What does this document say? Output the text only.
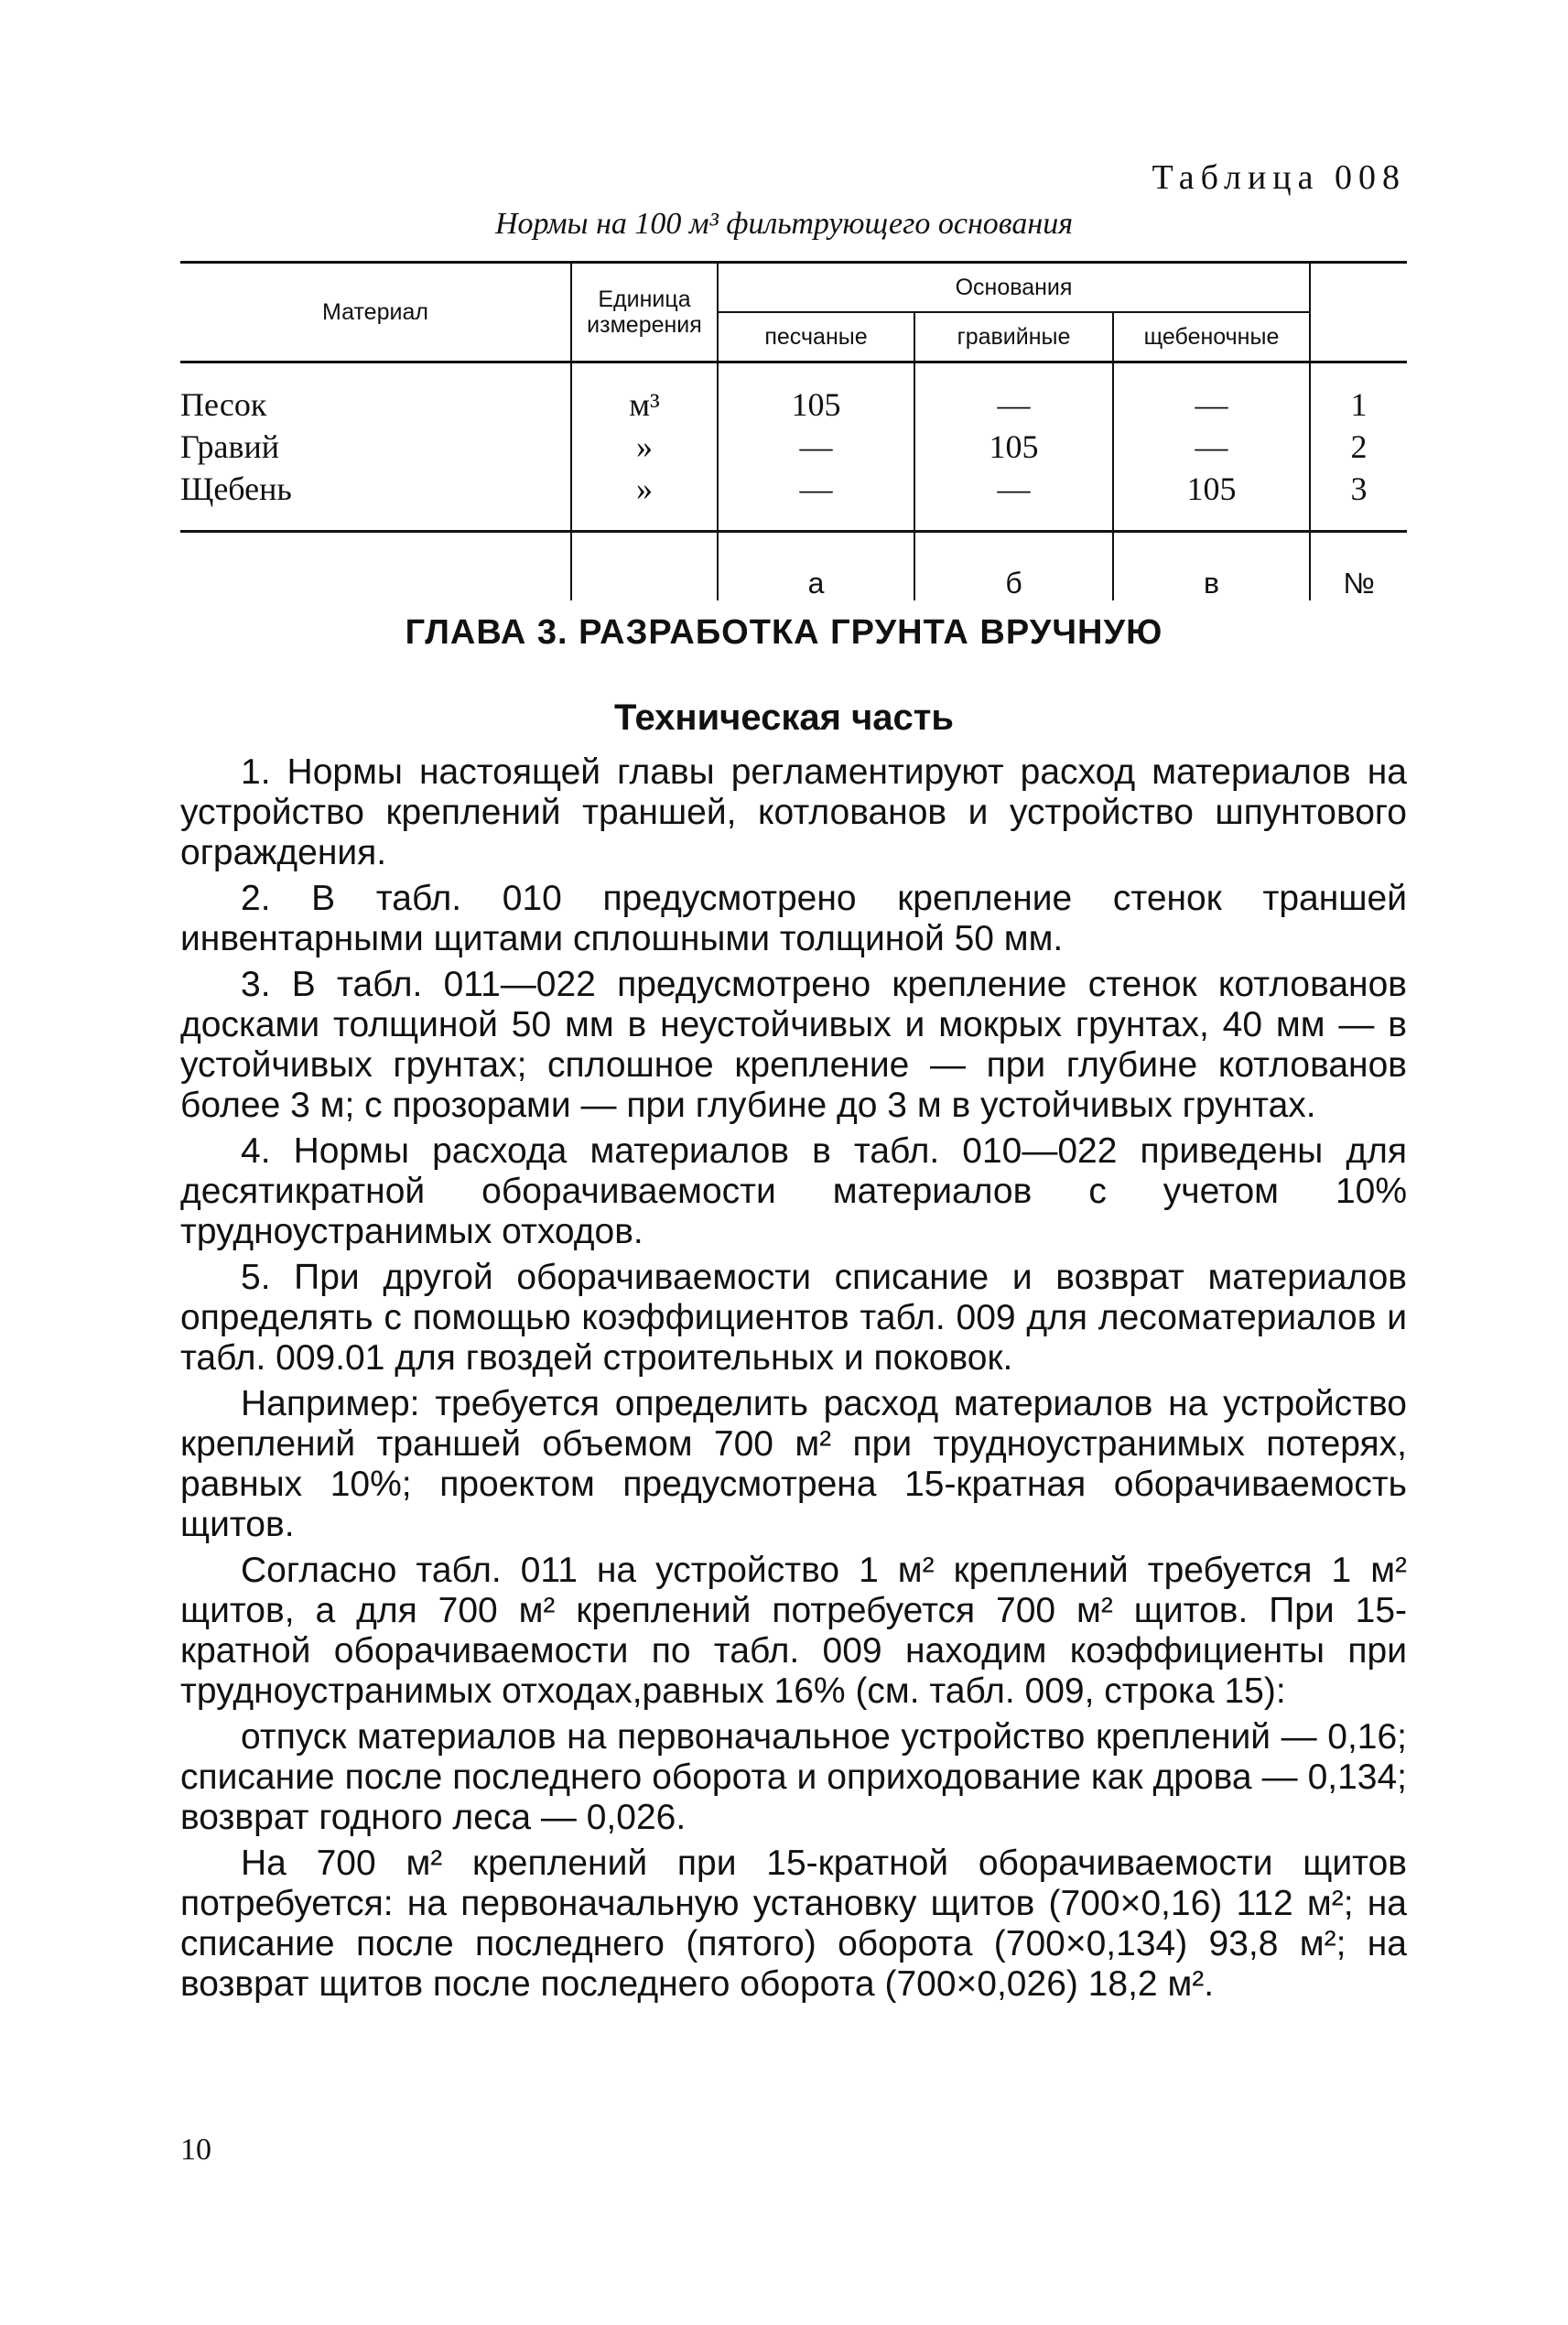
Таблица 008
Нормы на 100 м³ фильтрующего основания
Материал	Единица измерения	Основания			
		песчаные	гравийные	щебеночные	

Песок	м³	105	—	—	1
Гравий	»	—	105	—	2
Щебень	»	—	—	105	3
		а	б	в	№
ГЛАВА 3. РАЗРАБОТКА ГРУНТА ВРУЧНУЮ
Техническая часть

1. Нормы настоящей главы регламентируют расход материалов на устройство креплений траншей, котлованов и устройство шпунтового ограждения.

2. В табл. 010 предусмотрено крепление стенок траншей инвентарными щитами сплошными толщиной 50 мм.

3. В табл. 011—022 предусмотрено крепление стенок котлованов досками толщиной 50 мм в неустойчивых и мокрых грунтах, 40 мм — в устойчивых грунтах; сплошное крепление — при глубине котлованов более 3 м; с прозорами — при глубине до 3 м в устойчивых грунтах.

4. Нормы расхода материалов в табл. 010—022 приведены для десятикратной оборачиваемости материалов с учетом 10% трудноустранимых отходов.

5. При другой оборачиваемости списание и возврат материалов определять с помощью коэффициентов табл. 009 для лесоматериалов и табл. 009.01 для гвоздей строительных и поковок.

Например: требуется определить расход материалов на устройство креплений траншей объемом 700 м² при трудноустранимых потерях, равных 10%; проектом предусмотрена 15-кратная оборачиваемость щитов.

Согласно табл. 011 на устройство 1 м² креплений требуется 1 м² щитов, а для 700 м² креплений потребуется 700 м² щитов. При 15-кратной оборачиваемости по табл. 009 находим коэффициенты при трудноустранимых отходах,равных 16% (см. табл. 009, строка 15):

отпуск материалов на первоначальное устройство креплений — 0,16; списание после последнего оборота и оприходование как дрова — 0,134; возврат годного леса — 0,026.

На 700 м² креплений при 15-кратной оборачиваемости щитов потребуется: на первоначальную установку щитов (700×0,16) 112 м²; на списание после последнего (пятого) оборота (700×0,134) 93,8 м²; на возврат щитов после последнего оборота (700×0,026) 18,2 м².

10
